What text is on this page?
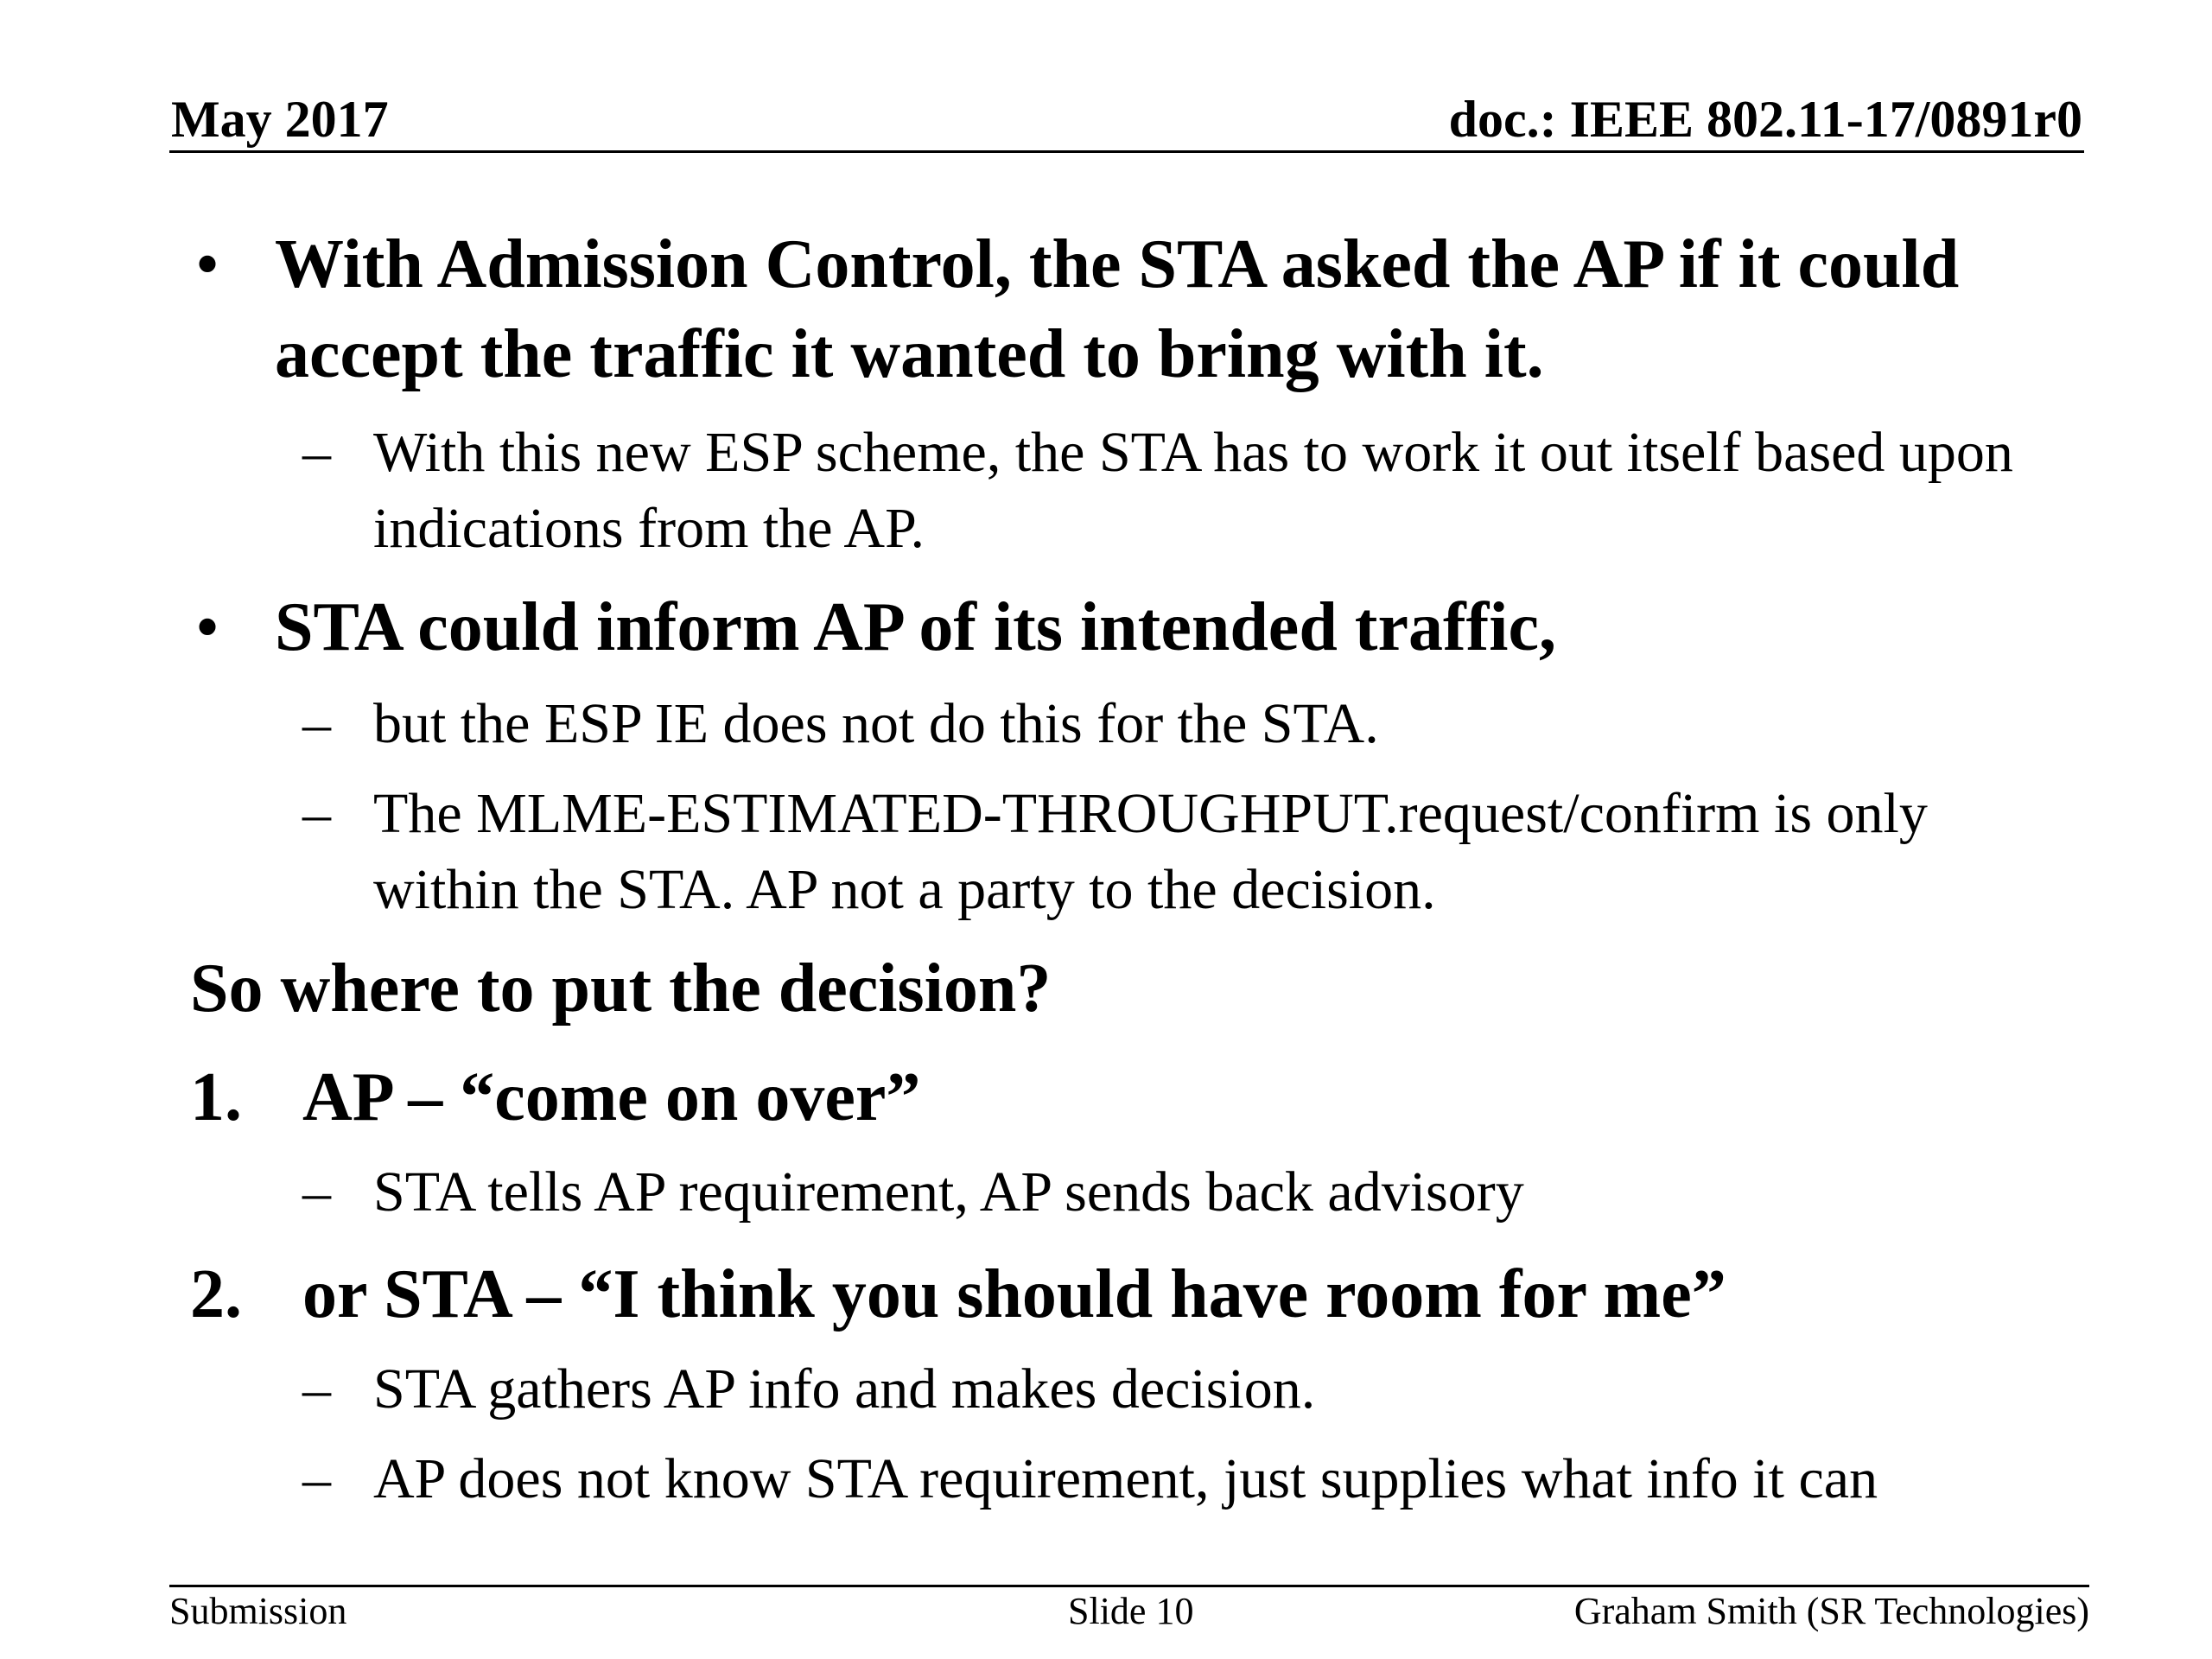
May 2017	doc.: IEEE 802.11-17/0891r0
• With Admission Control, the STA asked the AP if it could accept the traffic it wanted to bring with it.
– With this new ESP scheme, the STA has to work it out itself based upon indications from the AP.
• STA could inform AP of its intended traffic,
– but the ESP IE does not do this for the STA.
– The MLME-ESTIMATED-THROUGHPUT.request/confirm is only within the STA. AP not a party to the decision.
So where to put the decision?
1. AP – “come on over”
– STA tells AP requirement, AP sends back advisory
2. or STA – “I think you should have room for me”
– STA gathers AP info and makes decision.
– AP does not know STA requirement, just supplies what info it can
Submission	Slide 10	Graham Smith (SR Technologies)
